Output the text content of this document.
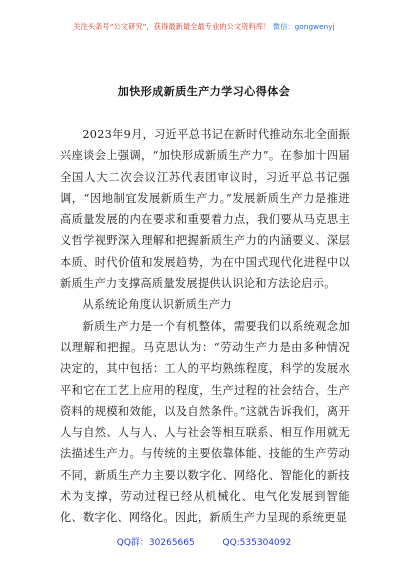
关注头条号“公文研究”，获得最新最全最专业的公文资料库！ 微信：gongwenyj
加快形成新质生产力学习心得体会

2023年9月，习近平总书记在新时代推动东北全面振兴座谈会上强调，“加快形成新质生产力”。在参加十四届全国人大二次会议江苏代表团审议时，习近平总书记强调，“因地制宜发展新质生产力。”发展新质生产力是推进高质量发展的内在要求和重要着力点，我们要从马克思主义哲学视野深入理解和把握新质生产力的内涵要义、深层本质、时代价值和发展趋势，为在中国式现代化进程中以新质生产力支撑高质量发展提供认识论和方法论启示。

从系统论角度认识新质生产力

新质生产力是一个有机整体，需要我们以系统观念加以理解和把握。马克思认为：“劳动生产力是由多种情况决定的，其中包括：工人的平均熟练程度，科学的发展水平和它在工艺上应用的程度，生产过程的社会结合，生产资料的规模和效能，以及自然条件。”这就告诉我们，离开人与自然、人与人、人与社会等相互联系、相互作用就无法描述生产力。与传统的主要依靠体能、技能的生产劳动不同，新质生产力主要以数字化、网络化、智能化的新技术为支撑，劳动过程已经从机械化、电气化发展到智能化、数字化、网络化。因此，新质生产力呈现的系统更显

QQ群：30265665	QQ:535304092
